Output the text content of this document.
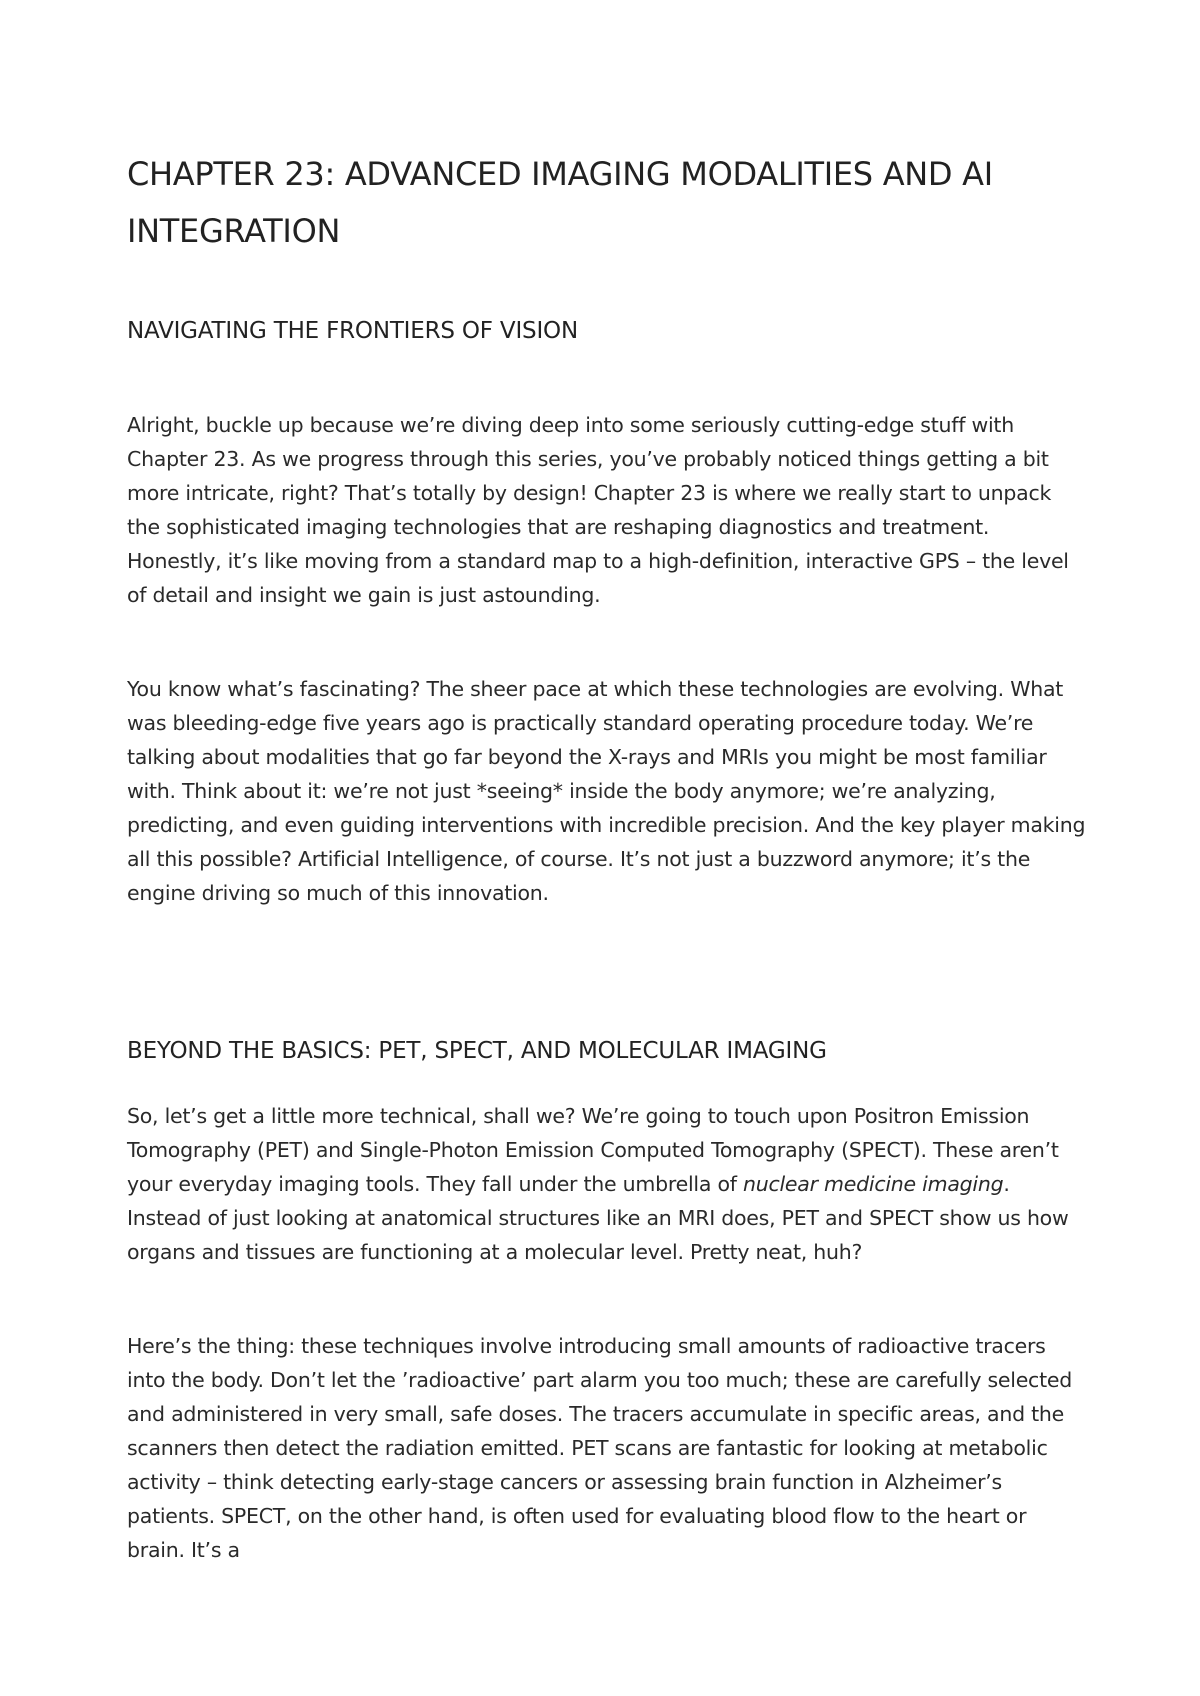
CHAPTER 23: ADVANCED IMAGING MODALITIES AND AI INTEGRATION
NAVIGATING THE FRONTIERS OF VISION

Alright, buckle up because we’re diving deep into some seriously cutting-edge stuff with Chapter 23. As we progress through this series, you’ve probably noticed things getting a bit more intricate, right? That’s totally by design! Chapter 23 is where we really start to unpack the sophisticated imaging technologies that are reshaping diagnostics and treatment. Honestly, it’s like moving from a standard map to a high-definition, interactive GPS – the level of detail and insight we gain is just astounding.

You know what’s fascinating? The sheer pace at which these technologies are evolving. What was bleeding-edge five years ago is practically standard operating procedure today. We’re talking about modalities that go far beyond the X-rays and MRIs you might be most familiar with. Think about it: we’re not just *seeing* inside the body anymore; we’re analyzing, predicting, and even guiding interventions with incredible precision. And the key player making all this possible? Artificial Intelligence, of course. It’s not just a buzzword anymore; it’s the engine driving so much of this innovation.

BEYOND THE BASICS: PET, SPECT, AND MOLECULAR IMAGING

So, let’s get a little more technical, shall we? We’re going to touch upon Positron Emission Tomography (PET) and Single-Photon Emission Computed Tomography (SPECT). These aren’t your everyday imaging tools. They fall under the umbrella of nuclear medicine imaging. Instead of just looking at anatomical structures like an MRI does, PET and SPECT show us how organs and tissues are functioning at a molecular level. Pretty neat, huh?

Here’s the thing: these techniques involve introducing small amounts of radioactive tracers into the body. Don’t let the ’radioactive’ part alarm you too much; these are carefully selected and administered in very small, safe doses. The tracers accumulate in specific areas, and the scanners then detect the radiation emitted. PET scans are fantastic for looking at metabolic activity – think detecting early-stage cancers or assessing brain function in Alzheimer’s patients. SPECT, on the other hand, is often used for evaluating blood flow to the heart or brain. It’s a
